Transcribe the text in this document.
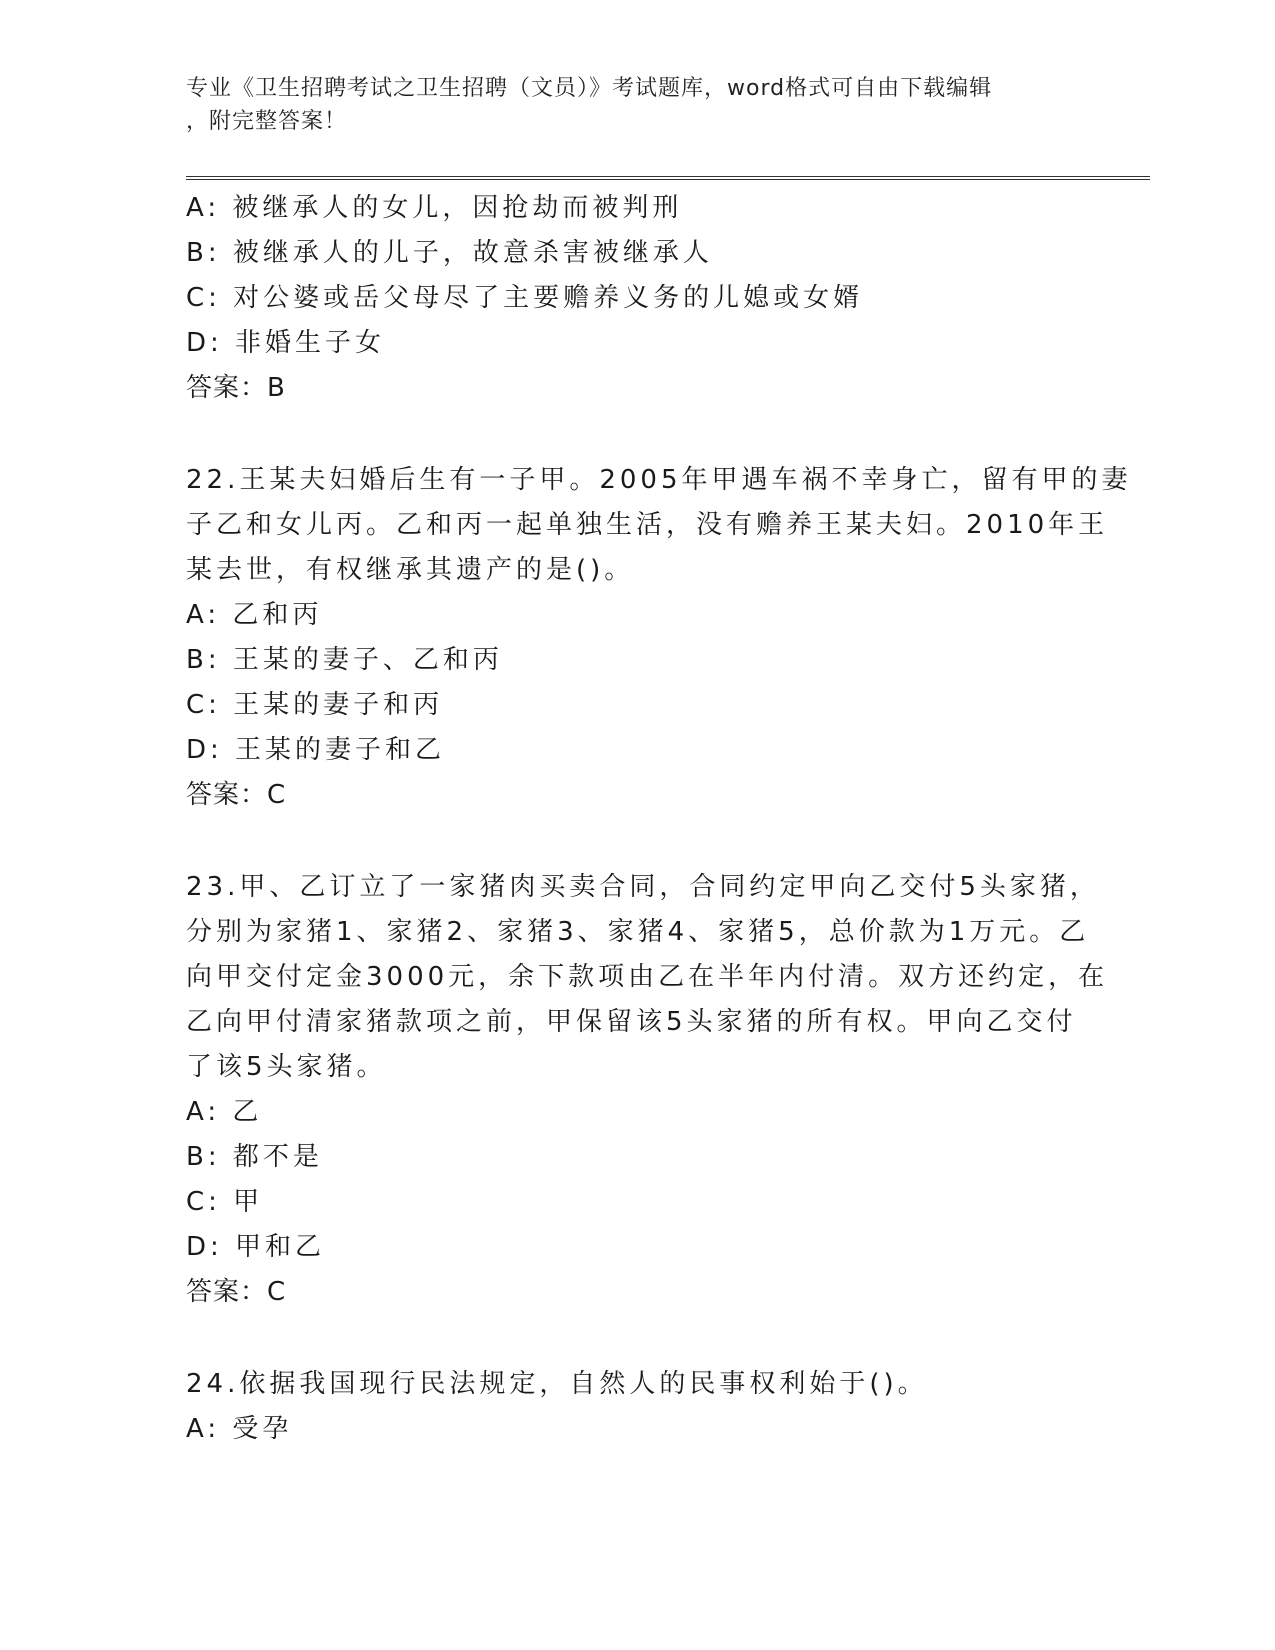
专业《卫生招聘考试之卫生招聘（文员）》考试题库，word格式可自由下载编辑
，附完整答案！
A: 被继承人的女儿，因抢劫而被判刑
B: 被继承人的儿子，故意杀害被继承人
C: 对公婆或岳父母尽了主要赡养义务的儿媳或女婿
D: 非婚生子女
答案：B
22.王某夫妇婚后生有一子甲。2005年甲遇车祸不幸身亡，留有甲的妻
子乙和女儿丙。乙和丙一起单独生活，没有赡养王某夫妇。2010年王
某去世，有权继承其遗产的是()。
A: 乙和丙
B: 王某的妻子、乙和丙
C: 王某的妻子和丙
D: 王某的妻子和乙
答案：C
23.甲、乙订立了一家猪肉买卖合同，合同约定甲向乙交付5头家猪，
分别为家猪1、家猪2、家猪3、家猪4、家猪5，总价款为1万元。乙
向甲交付定金3000元，余下款项由乙在半年内付清。双方还约定，在
乙向甲付清家猪款项之前，甲保留该5头家猪的所有权。甲向乙交付
了该5头家猪。
A: 乙
B: 都不是
C: 甲
D: 甲和乙
答案：C
24.依据我国现行民法规定，自然人的民事权利始于()。
A: 受孕
